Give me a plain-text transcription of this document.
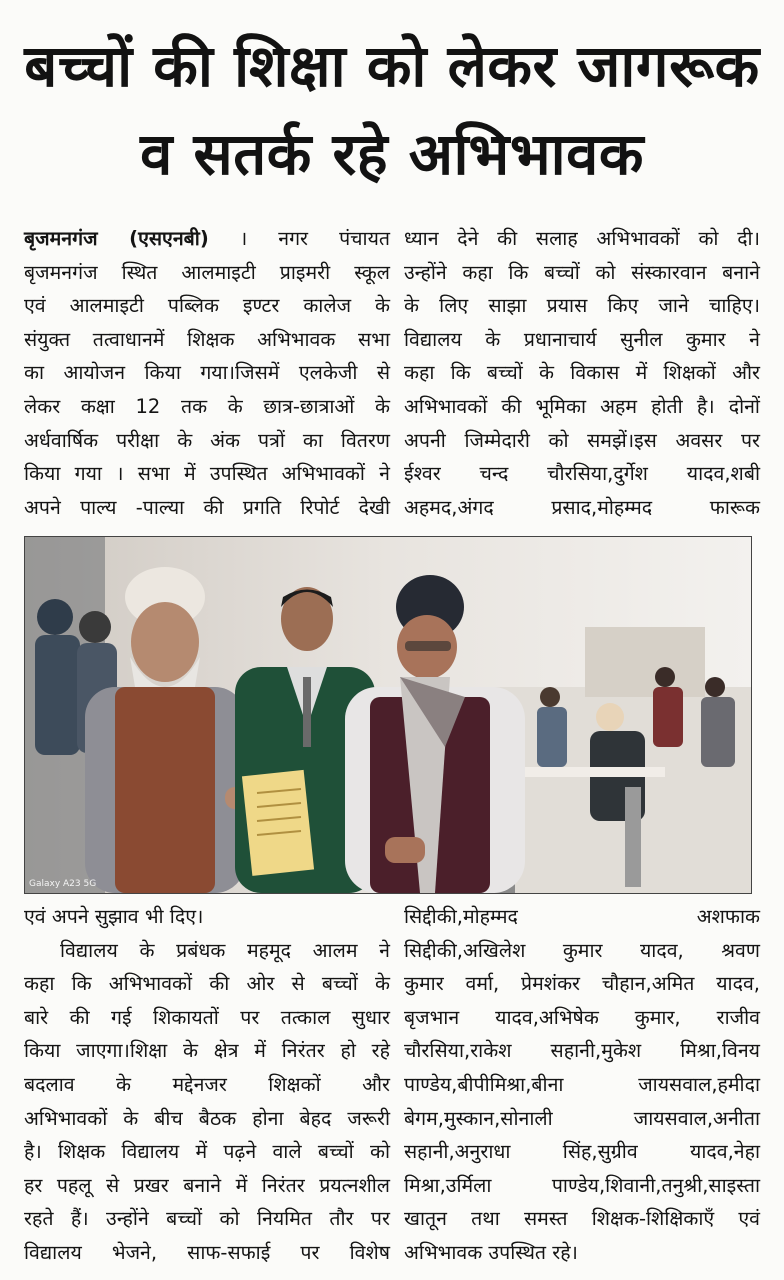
बच्चों की शिक्षा को लेकर जागरूक
व सतर्क रहे अभिभावक

बृजमनगंज (एसएनबी) । नगर पंचायत

बृजमनगंज स्थित आलमाइटी प्राइमरी स्कूल

एवं आलमाइटी पब्लिक इण्टर कालेज के

संयुक्त तत्वाधानमें शिक्षक अभिभावक सभा

का आयोजन किया गया।जिसमें एलकेजी से

लेकर कक्षा 12 तक के छात्र-छात्राओं के

अर्धवार्षिक परीक्षा के अंक पत्रों का वितरण

किया गया । सभा में उपस्थित अभिभावकों ने

अपने पाल्य -पाल्या की प्रगति रिपोर्ट देखी

ध्यान देने की सलाह अभिभावकों को दी।

उन्होंने कहा कि बच्चों को संस्कारवान बनाने

के लिए साझा प्रयास किए जाने चाहिए।

विद्यालय के प्रधानाचार्य सुनील कुमार ने

कहा कि बच्चों के विकास में शिक्षकों और

अभिभावकों की भूमिका अहम होती है। दोनों

अपनी जिम्मेदारी को समझें।इस अवसर पर

ईश्वर चन्द चौरसिया,दुर्गेश यादव,शबी

अहमद,अंगद प्रसाद,मोहम्मद फारूक

Galaxy A23 5G

एवं अपने सुझाव भी दिए।

विद्यालय के प्रबंधक महमूद आलम ने

कहा कि अभिभावकों की ओर से बच्चों के

बारे की गई शिकायतों पर तत्काल सुधार

किया जाएगा।शिक्षा के क्षेत्र में निरंतर हो रहे

बदलाव के मद्देनजर शिक्षकों और

अभिभावकों के बीच बैठक होना बेहद जरूरी

है। शिक्षक विद्यालय में पढ़ने वाले बच्चों को

हर पहलू से प्रखर बनाने में निरंतर प्रयत्नशील

रहते हैं। उन्होंने बच्चों को नियमित तौर पर

विद्यालय भेजने, साफ-सफाई पर विशेष

सिद्दीकी,मोहम्मद अशफाक

सिद्दीकी,अखिलेश कुमार यादव, श्रवण

कुमार वर्मा, प्रेमशंकर चौहान,अमित यादव,

बृजभान यादव,अभिषेक कुमार, राजीव

चौरसिया,राकेश सहानी,मुकेश मिश्रा,विनय

पाण्डेय,बीपीमिश्रा,बीना जायसवाल,हमीदा

बेगम,मुस्कान,सोनाली जायसवाल,अनीता

सहानी,अनुराधा सिंह,सुग्रीव यादव,नेहा

मिश्रा,उर्मिला पाण्डेय,शिवानी,तनुश्री,साइस्ता

खातून तथा समस्त शिक्षक-शिक्षिकाएँ एवं

अभिभावक उपस्थित रहे।
